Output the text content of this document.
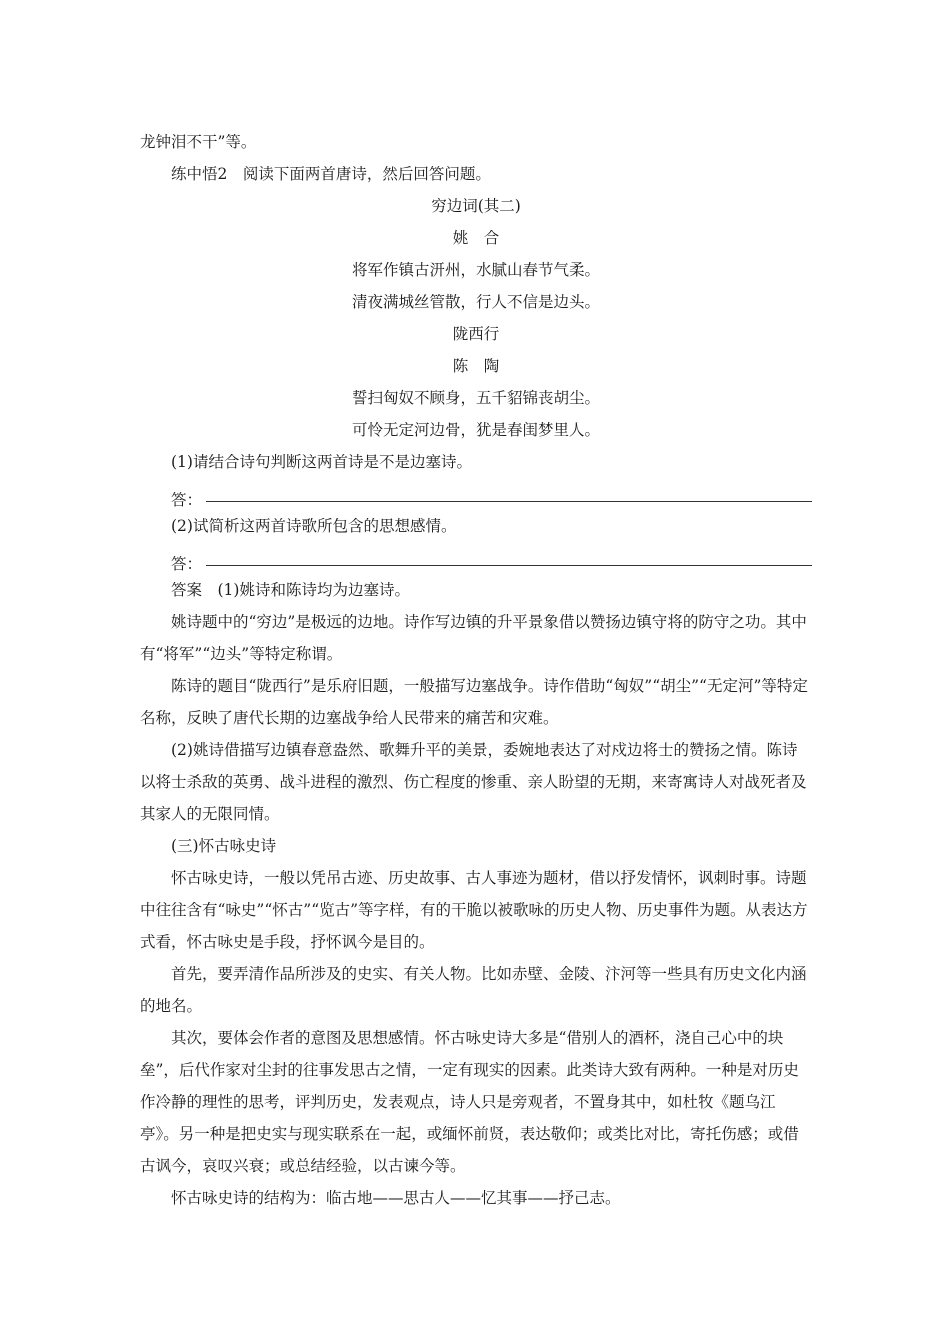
龙钟泪不干”等。

练中悟2　阅读下面两首唐诗，然后回答问题。

穷边词(其二)

姚　合

将军作镇古汧州，水腻山春节气柔。

清夜满城丝管散，行人不信是边头。

陇西行

陈　陶

誓扫匈奴不顾身，五千貂锦丧胡尘。

可怜无定河边骨，犹是春闺梦里人。

(1)请结合诗句判断这两首诗是不是边塞诗。

答：

(2)试简析这两首诗歌所包含的思想感情。

答：

答案　(1)姚诗和陈诗均为边塞诗。

姚诗题中的“穷边”是极远的边地。诗作写边镇的升平景象借以赞扬边镇守将的防守之功。其中有“将军”“边头”等特定称谓。

陈诗的题目“陇西行”是乐府旧题，一般描写边塞战争。诗作借助“匈奴”“胡尘”“无定河”等特定名称，反映了唐代长期的边塞战争给人民带来的痛苦和灾难。

(2)姚诗借描写边镇春意盎然、歌舞升平的美景，委婉地表达了对戍边将士的赞扬之情。陈诗以将士杀敌的英勇、战斗进程的激烈、伤亡程度的惨重、亲人盼望的无期，来寄寓诗人对战死者及其家人的无限同情。

(三)怀古咏史诗

怀古咏史诗，一般以凭吊古迹、历史故事、古人事迹为题材，借以抒发情怀，讽刺时事。诗题中往往含有“咏史”“怀古”“览古”等字样，有的干脆以被歌咏的历史人物、历史事件为题。从表达方式看，怀古咏史是手段，抒怀讽今是目的。

首先，要弄清作品所涉及的史实、有关人物。比如赤壁、金陵、汴河等一些具有历史文化内涵的地名。

其次，要体会作者的意图及思想感情。怀古咏史诗大多是“借别人的酒杯，浇自己心中的块垒”，后代作家对尘封的往事发思古之情，一定有现实的因素。此类诗大致有两种。一种是对历史作冷静的理性的思考，评判历史，发表观点，诗人只是旁观者，不置身其中，如杜牧《题乌江亭》。另一种是把史实与现实联系在一起，或缅怀前贤，表达敬仰；或类比对比，寄托伤感；或借古讽今，哀叹兴衰；或总结经验，以古谏今等。

怀古咏史诗的结构为：临古地——思古人——忆其事——抒己志。
